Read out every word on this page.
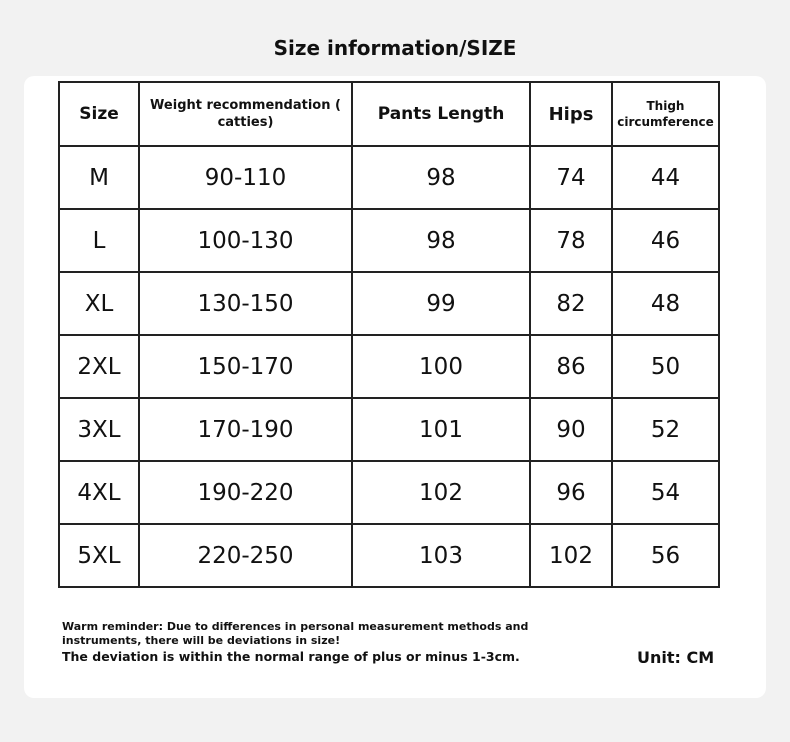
Size information/SIZE
Size	Weight recommendation ( catties)	Pants Length	Hips	Thigh circumference
M	90-110	98	74	44
L	100-130	98	78	46
XL	130-150	99	82	48
2XL	150-170	100	86	50
3XL	170-190	101	90	52
4XL	190-220	102	96	54
5XL	220-250	103	102	56
Warm reminder: Due to differences in personal measurement methods and instruments, there will be deviations in size!
The deviation is within the normal range of plus or minus 1-3cm.	Unit: CM
